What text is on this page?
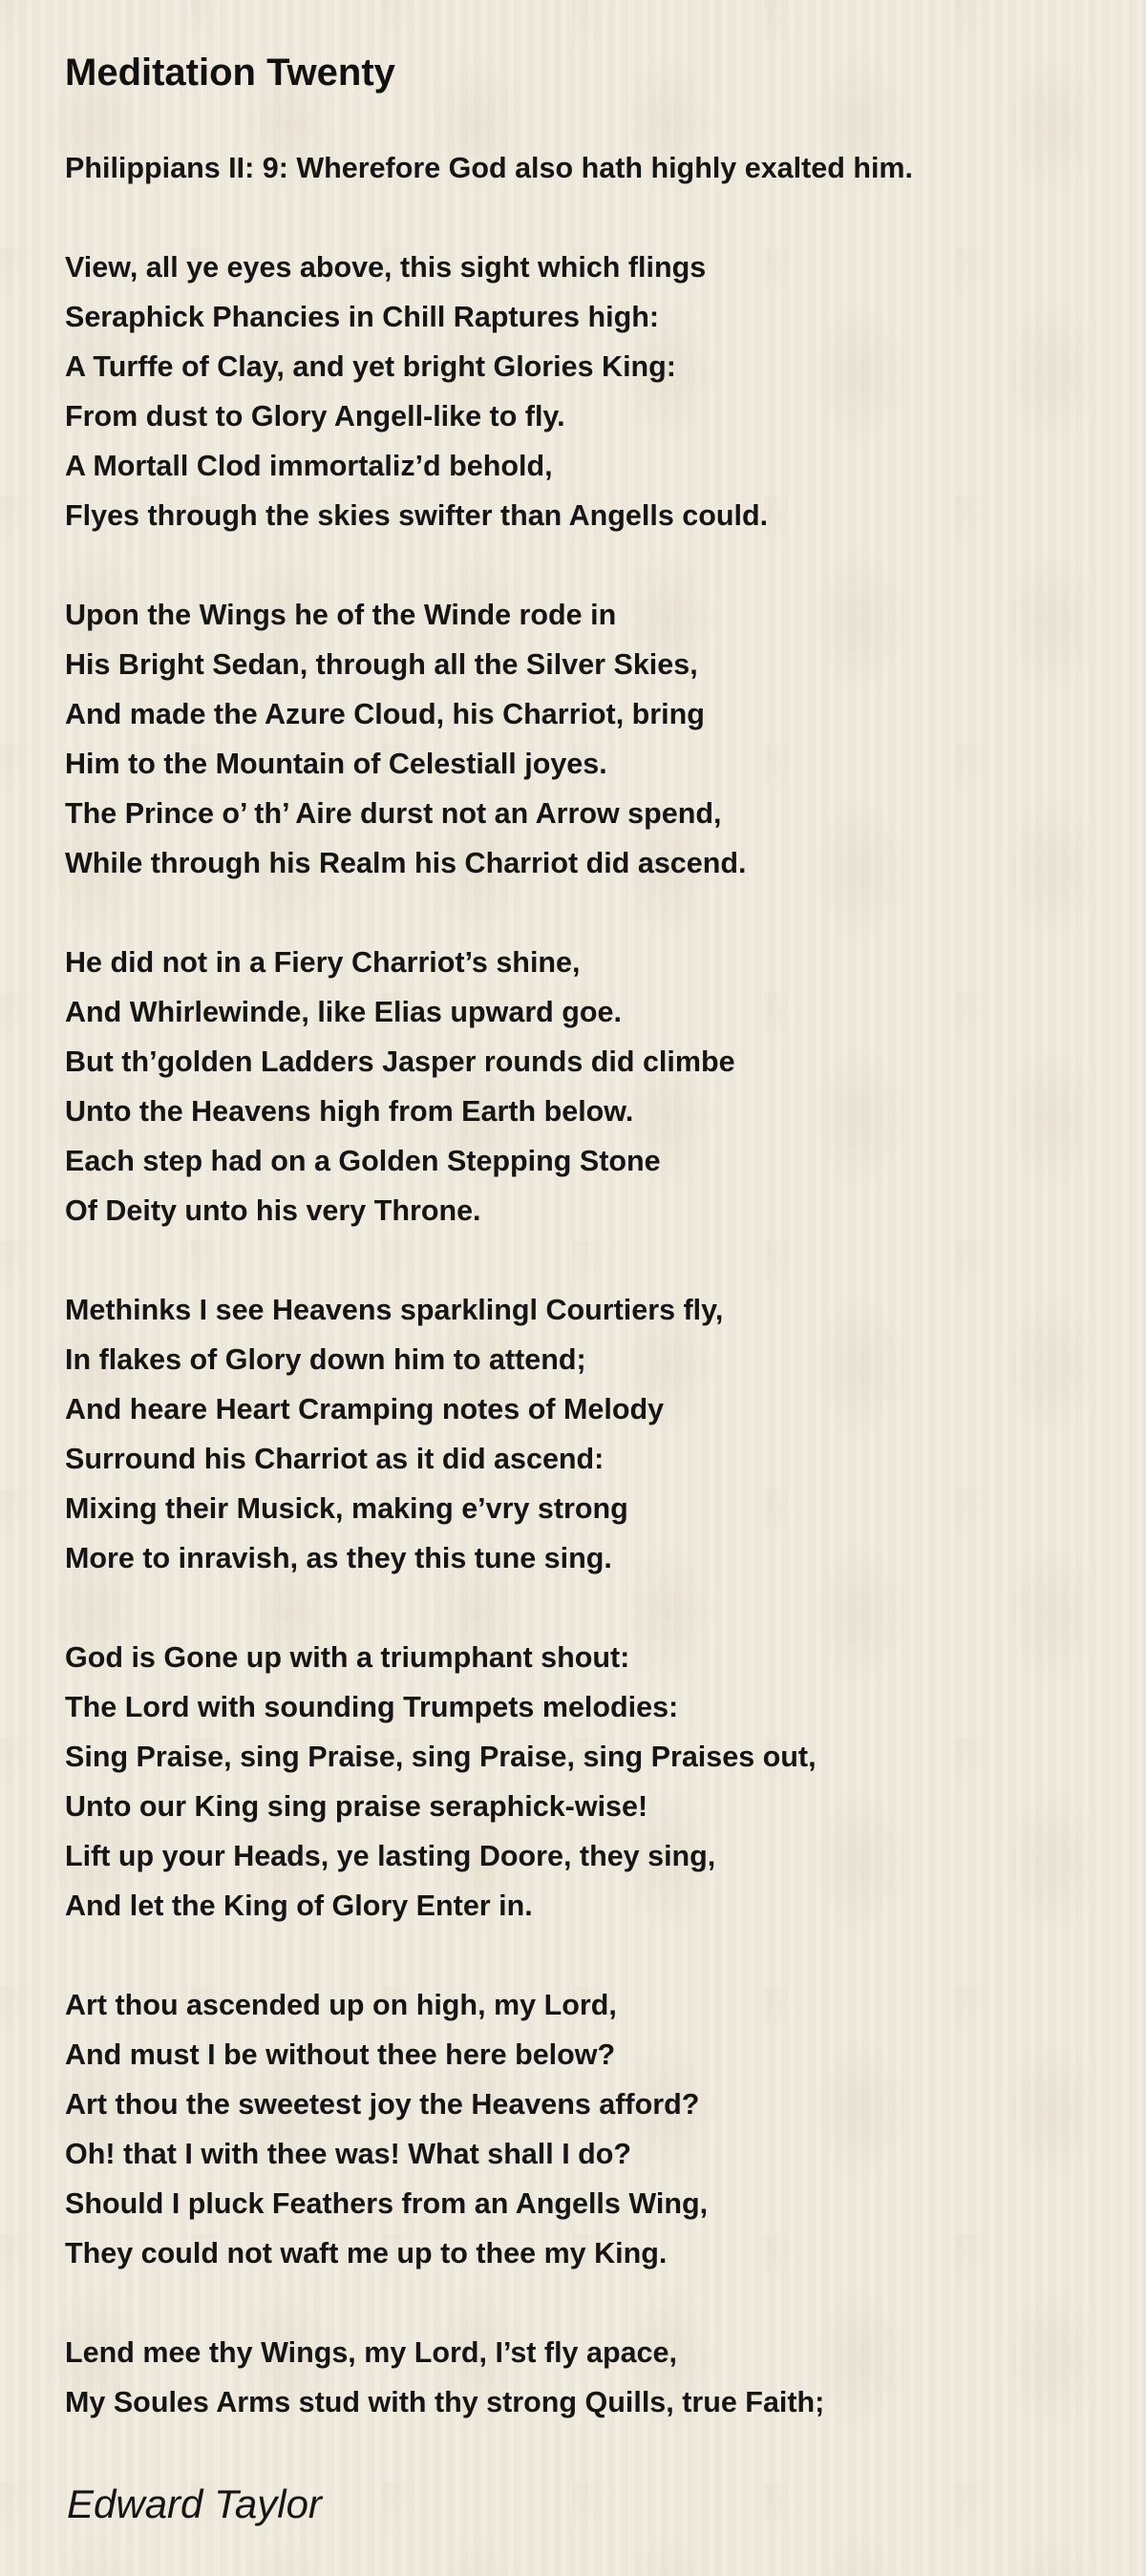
Meditation Twenty
Philippians II: 9: Wherefore God also hath highly exalted him.
View, all ye eyes above, this sight which flings
Seraphick Phancies in Chill Raptures high:
A Turffe of Clay, and yet bright Glories King:
From dust to Glory Angell-like to fly.
A Mortall Clod immortaliz’d behold,
Flyes through the skies swifter than Angells could.
Upon the Wings he of the Winde rode in
His Bright Sedan, through all the Silver Skies,
And made the Azure Cloud, his Charriot, bring
Him to the Mountain of Celestiall joyes.
The Prince o’ th’ Aire durst not an Arrow spend,
While through his Realm his Charriot did ascend.
He did not in a Fiery Charriot’s shine,
And Whirlewinde, like Elias upward goe.
But th’golden Ladders Jasper rounds did climbe
Unto the Heavens high from Earth below.
Each step had on a Golden Stepping Stone
Of Deity unto his very Throne.
Methinks I see Heavens sparklingl Courtiers fly,
In flakes of Glory down him to attend;
And heare Heart Cramping notes of Melody
Surround his Charriot as it did ascend:
Mixing their Musick, making e’vry strong
More to inravish, as they this tune sing.
God is Gone up with a triumphant shout:
The Lord with sounding Trumpets melodies:
Sing Praise, sing Praise, sing Praise, sing Praises out,
Unto our King sing praise seraphick-wise!
Lift up your Heads, ye lasting Doore, they sing,
And let the King of Glory Enter in.
Art thou ascended up on high, my Lord,
And must I be without thee here below?
Art thou the sweetest joy the Heavens afford?
Oh! that I with thee was! What shall I do?
Should I pluck Feathers from an Angells Wing,
They could not waft me up to thee my King.
Lend mee thy Wings, my Lord, I’st fly apace,
My Soules Arms stud with thy strong Quills, true Faith;

Edward Taylor
